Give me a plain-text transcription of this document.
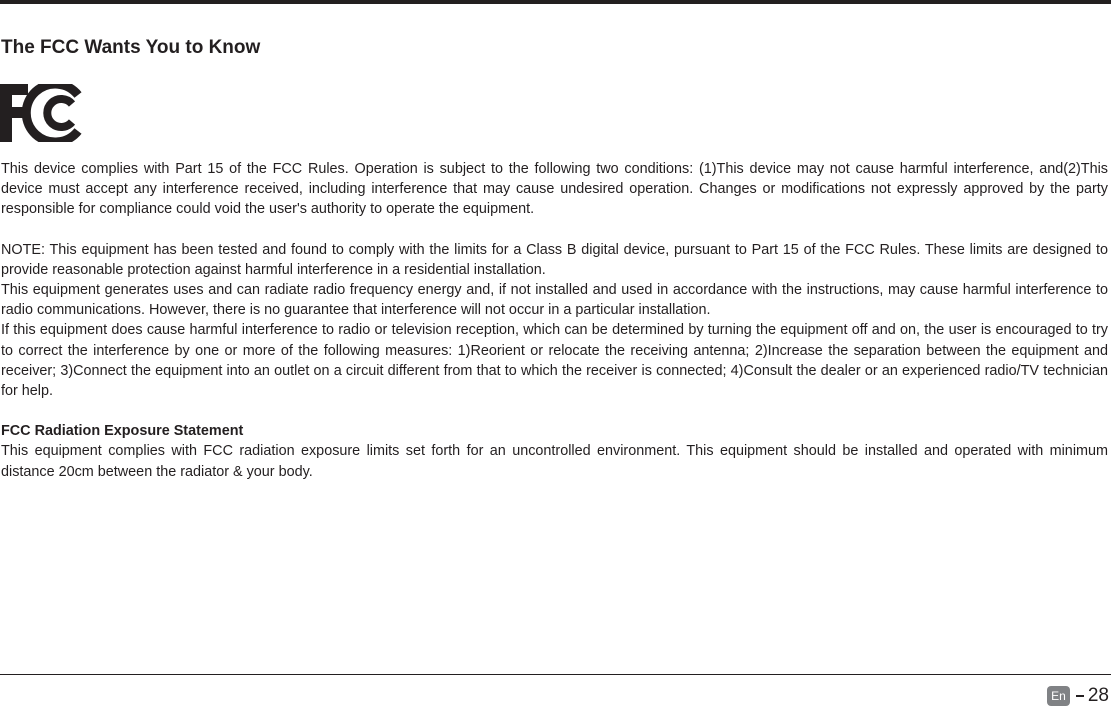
The FCC Wants You to Know

This device complies with Part 15 of the FCC Rules. Operation is subject to the following two conditions: (1)This device may not cause harmful interference, and(2)This device must accept any interference received, including interference that may cause undesired operation. Changes or modifications not expressly approved by the party responsible for compliance could void the user's authority to operate the equipment.

NOTE: This equipment has been tested and found to comply with the limits for a Class B digital device, pursuant to Part 15 of the FCC Rules. These limits are designed to provide reasonable protection against harmful interference in a residential installation.

This equipment generates uses and can radiate radio frequency energy and, if not installed and used in accordance with the instructions, may cause harmful interference to radio communications. However, there is no guarantee that interference will not occur in a particular installation.

If this equipment does cause harmful interference to radio or television reception, which can be determined by turning the equipment off and on, the user is encouraged to try to correct the interference by one or more of the following measures: 1)Reorient or relocate the receiving antenna; 2)Increase the separation between the equipment and receiver; 3)Connect the equipment into an outlet on a circuit different from that to which the receiver is connected; 4)Consult the dealer or an experienced radio/TV technician for help.

FCC Radiation Exposure Statement

This equipment complies with FCC radiation exposure limits set forth for an uncontrolled environment. This equipment should be installed and operated with minimum distance 20cm between the radiator & your body.

En 28
